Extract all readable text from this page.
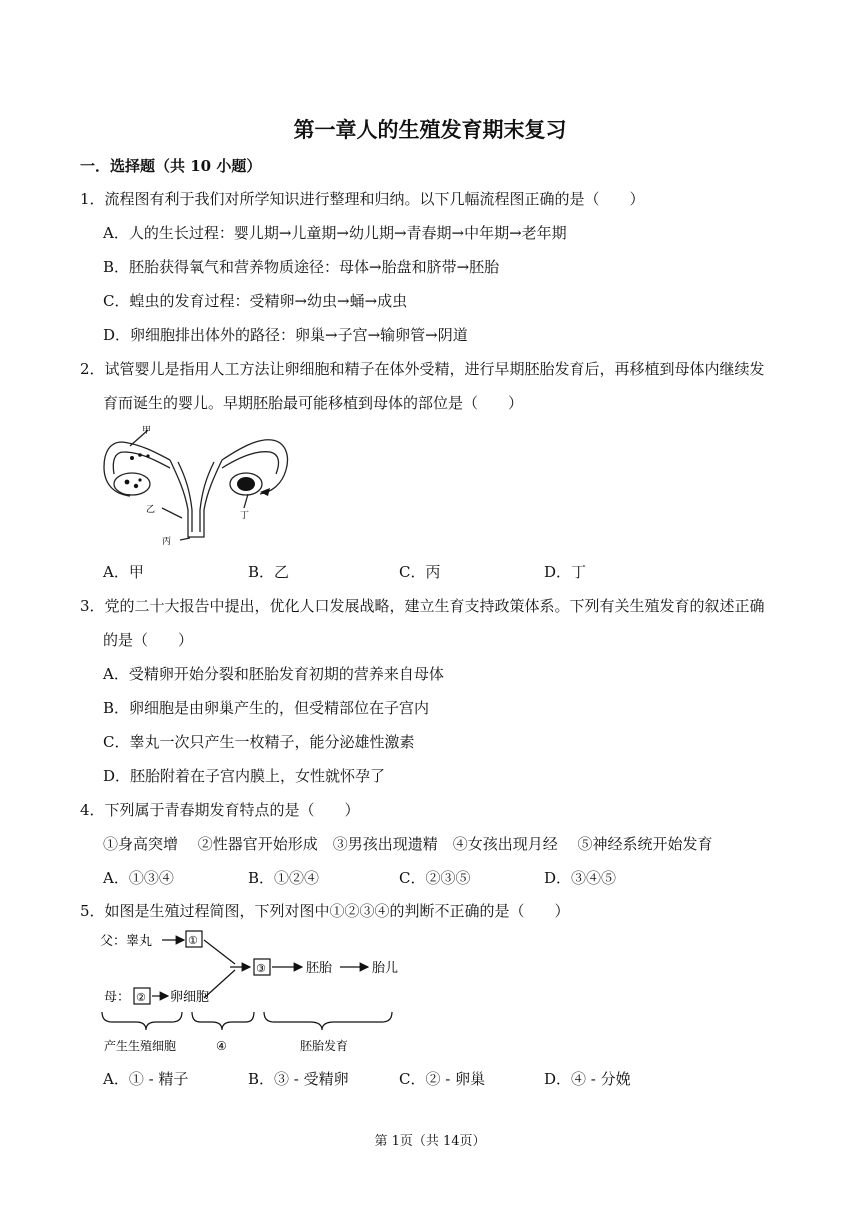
第一章人的生殖发育期末复习
一．选择题（共 10 小题）
1．流程图有利于我们对所学知识进行整理和归纳。以下几幅流程图正确的是（　　）
A．人的生长过程：婴儿期→儿童期→幼儿期→青春期→中年期→老年期
B．胚胎获得氧气和营养物质途径：母体→胎盘和脐带→胚胎
C．蝗虫的发育过程：受精卵→幼虫→蛹→成虫
D．卵细胞排出体外的路径：卵巢→子宫→输卵管→阴道
2．试管婴儿是指用人工方法让卵细胞和精子在体外受精，进行早期胚胎发育后，再移植到母体内继续发
育而诞生的婴儿。早期胚胎最可能移植到母体的部位是（　　）
甲
乙
丙
丁
A．甲	B．乙	C．丙	D．丁
3．党的二十大报告中提出，优化人口发展战略，建立生育支持政策体系。下列有关生殖发育的叙述正确
的是（　　）
A．受精卵开始分裂和胚胎发育初期的营养来自母体
B．卵细胞是由卵巢产生的，但受精部位在子宫内
C．睾丸一次只产生一枚精子，能分泌雄性激素
D．胚胎附着在子宫内膜上，女性就怀孕了
4．下列属于青春期发育特点的是（　　）
①身高突增　 ②性器官开始形成　③男孩出现遗精　④女孩出现月经　 ⑤神经系统开始发育
A．①③④	B．①②④	C．②③⑤	D．③④⑤
5．如图是生殖过程简图，下列对图中①②③④的判断不正确的是（　　）
父：睾丸	①
③	胚胎	胎儿
母： ② 卵细胞
产生生殖细胞	④	胚胎发育
A．① - 精子	B．③ - 受精卵	C．② - 卵巢	D．④ - 分娩
第 1页（共 14页）
